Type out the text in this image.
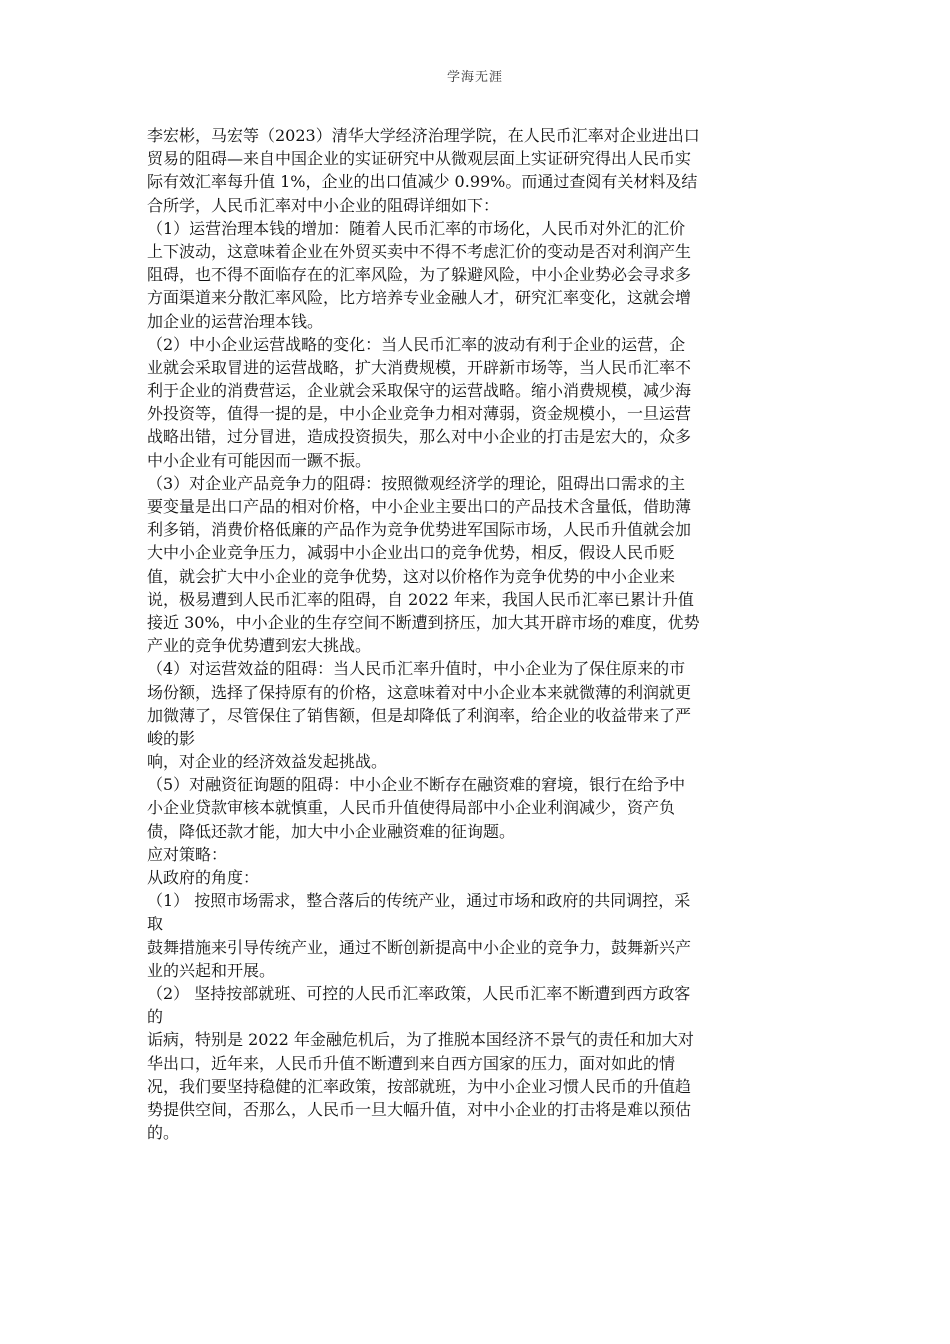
学海无涯
李宏彬，马宏等（2023）清华大学经济治理学院，在人民币汇率对企业进出口
贸易的阻碍—来自中国企业的实证研究中从微观层面上实证研究得出人民币实
际有效汇率每升值 1%，企业的出口值减少 0.99%。而通过查阅有关材料及结
合所学，人民币汇率对中小企业的阻碍详细如下：
（1）运营治理本钱的增加：随着人民币汇率的市场化，人民币对外汇的汇价
上下波动，这意味着企业在外贸买卖中不得不考虑汇价的变动是否对利润产生
阻碍，也不得不面临存在的汇率风险，为了躲避风险，中小企业势必会寻求多
方面渠道来分散汇率风险，比方培养专业金融人才，研究汇率变化，这就会增
加企业的运营治理本钱。
（2）中小企业运营战略的变化：当人民币汇率的波动有利于企业的运营，企
业就会采取冒进的运营战略，扩大消费规模，开辟新市场等，当人民币汇率不
利于企业的消费营运，企业就会采取保守的运营战略。缩小消费规模，减少海
外投资等，值得一提的是，中小企业竞争力相对薄弱，资金规模小，一旦运营
战略出错，过分冒进，造成投资损失，那么对中小企业的打击是宏大的，众多
中小企业有可能因而一蹶不振。
（3）对企业产品竞争力的阻碍：按照微观经济学的理论，阻碍出口需求的主
要变量是出口产品的相对价格，中小企业主要出口的产品技术含量低，借助薄
利多销，消费价格低廉的产品作为竞争优势进军国际市场，人民币升值就会加
大中小企业竞争压力，减弱中小企业出口的竞争优势，相反，假设人民币贬
值，就会扩大中小企业的竞争优势，这对以价格作为竞争优势的中小企业来
说，极易遭到人民币汇率的阻碍，自 2022 年来，我国人民币汇率已累计升值
接近 30%，中小企业的生存空间不断遭到挤压，加大其开辟市场的难度，优势
产业的竞争优势遭到宏大挑战。
（4）对运营效益的阻碍：当人民币汇率升值时，中小企业为了保住原来的市
场份额，选择了保持原有的价格，这意味着对中小企业本来就微薄的利润就更
加微薄了，尽管保住了销售额，但是却降低了利润率，给企业的收益带来了严
峻的影
响，对企业的经济效益发起挑战。
（5）对融资征询题的阻碍：中小企业不断存在融资难的窘境，银行在给予中
小企业贷款审核本就慎重，人民币升值使得局部中小企业利润减少，资产负
债，降低还款才能，加大中小企业融资难的征询题。
应对策略：
从政府的角度：
（1） 按照市场需求，整合落后的传统产业，通过市场和政府的共同调控，采
取
鼓舞措施来引导传统产业，通过不断创新提高中小企业的竞争力，鼓舞新兴产
业的兴起和开展。
（2） 坚持按部就班、可控的人民币汇率政策，人民币汇率不断遭到西方政客
的
诟病，特别是 2022 年金融危机后，为了推脱本国经济不景气的责任和加大对
华出口，近年来，人民币升值不断遭到来自西方国家的压力，面对如此的情
况，我们要坚持稳健的汇率政策，按部就班，为中小企业习惯人民币的升值趋
势提供空间，否那么，人民币一旦大幅升值，对中小企业的打击将是难以预估
的。
